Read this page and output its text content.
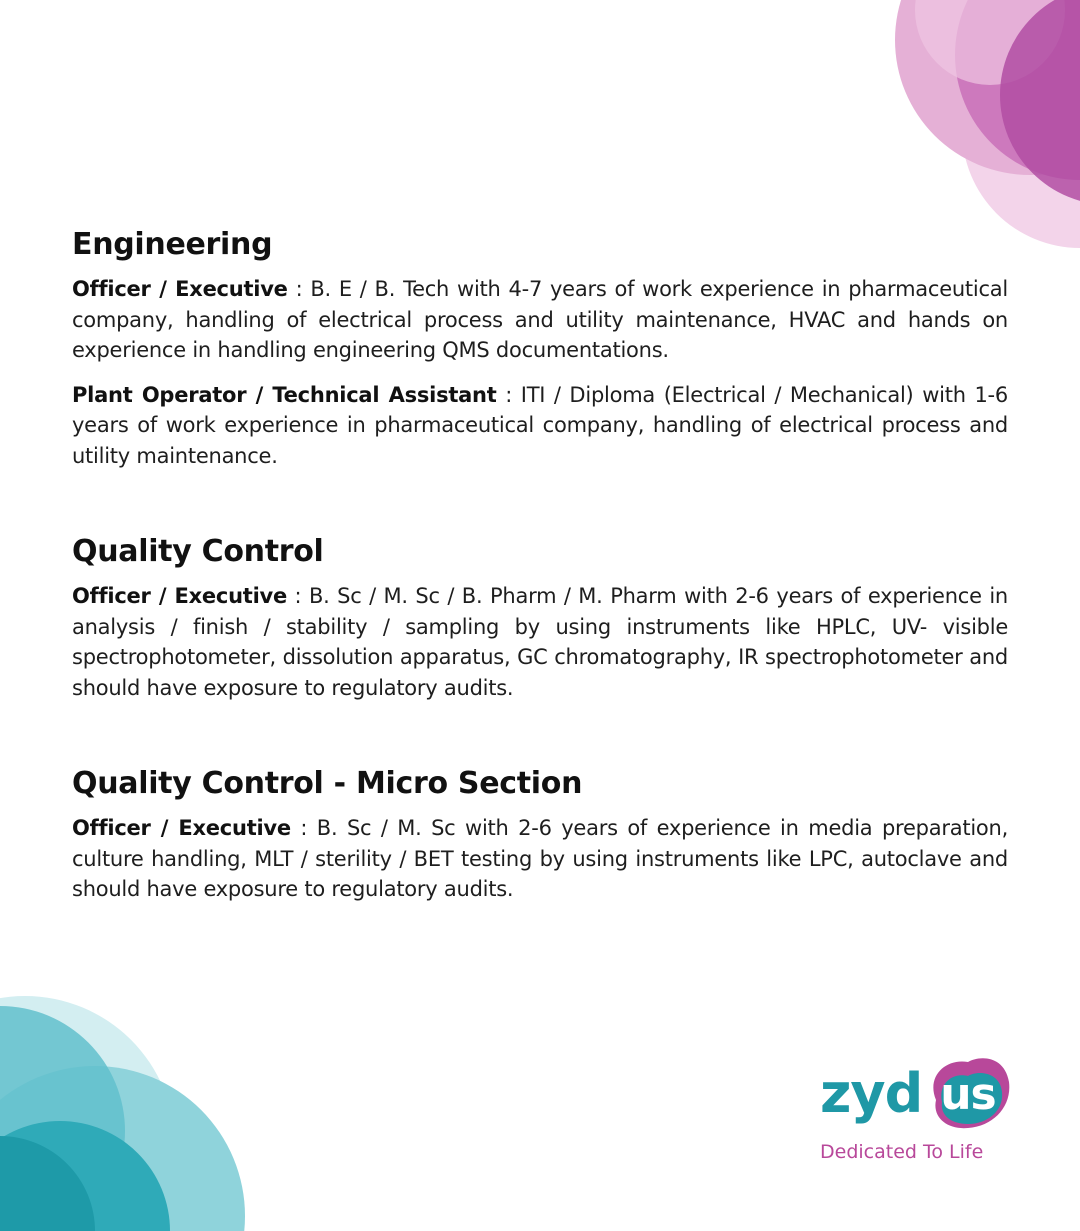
Engineering

Officer / Executive : B. E / B. Tech with 4-7 years of work experience in pharmaceutical company, handling of electrical process and utility maintenance, HVAC and hands on experience in handling engineering QMS documentations.

Plant Operator / Technical Assistant : ITI / Diploma (Electrical / Mechanical) with 1-6 years of work experience in pharmaceutical company, handling of electrical process and utility maintenance.

Quality Control

Officer / Executive : B. Sc / M. Sc / B. Pharm / M. Pharm with 2-6 years of experience in analysis / finish / stability / sampling by using instruments like HPLC, UV- visible spectrophotometer, dissolution apparatus, GC chromatography, IR spectrophotometer and should have exposure to regulatory audits.

Quality Control - Micro Section

Officer / Executive : B. Sc / M. Sc with 2-6 years of experience in media preparation, culture handling, MLT / sterility / BET testing by using instruments like LPC, autoclave and should have exposure to regulatory audits.

zyd us
Dedicated To Life
